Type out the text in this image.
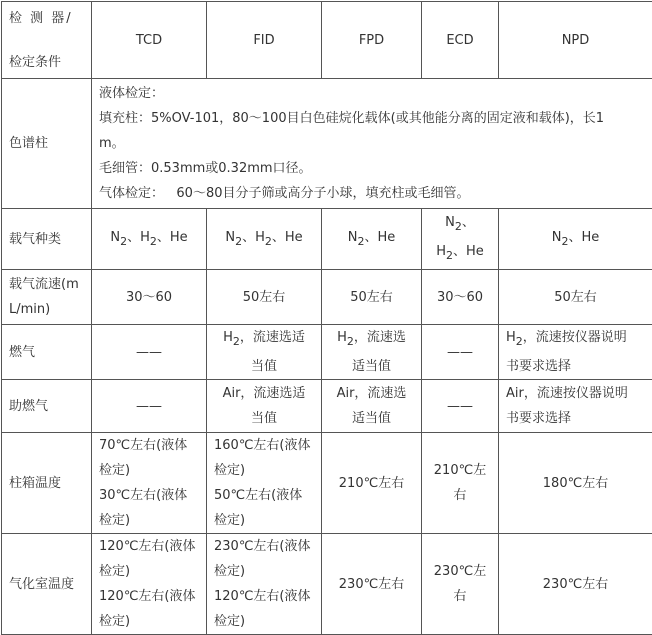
检 测 器/
检定条件	TCD	FID	FPD	ECD	NPD
色谱柱	液体检定：
填充柱：5%OV-101，80～100目白色硅烷化载体(或其他能分离的固定液和载体)，长1
m。
毛细管：0.53mm或0.32mm口径。
气体检定：   60～80目分子筛或高分子小球，填充柱或毛细管。				

载气种类	$N_2$、$H_2$、He	$N_2$、$H_2$、He	$N_2$、He	$N_2$、
$H_2$、He	$N_2$、He

载气流速(m
L/min)	30～60	50左右	50左右	30～60	50左右
燃气	——	$H_2$，流速选适
当值	$H_2$，流速选
适当值	——	$H_2$，流速按仪器说明
书要求选择

助燃气	——	Air，流速选适
当值	Air，流速选
适当值	——	Air，流速按仪器说明
书要求选择

柱箱温度	70℃左右(液体
检定)
30℃左右(液体
检定)	160℃左右(液体
检定)
50℃左右(液体
检定)	210℃左右	210℃左
右	180℃左右
气化室温度	120℃左右(液体
检定)
120℃左右(液体
检定)	230℃左右(液体
检定)
120℃左右(液体
检定)	230℃左右	230℃左
右	230℃左右
